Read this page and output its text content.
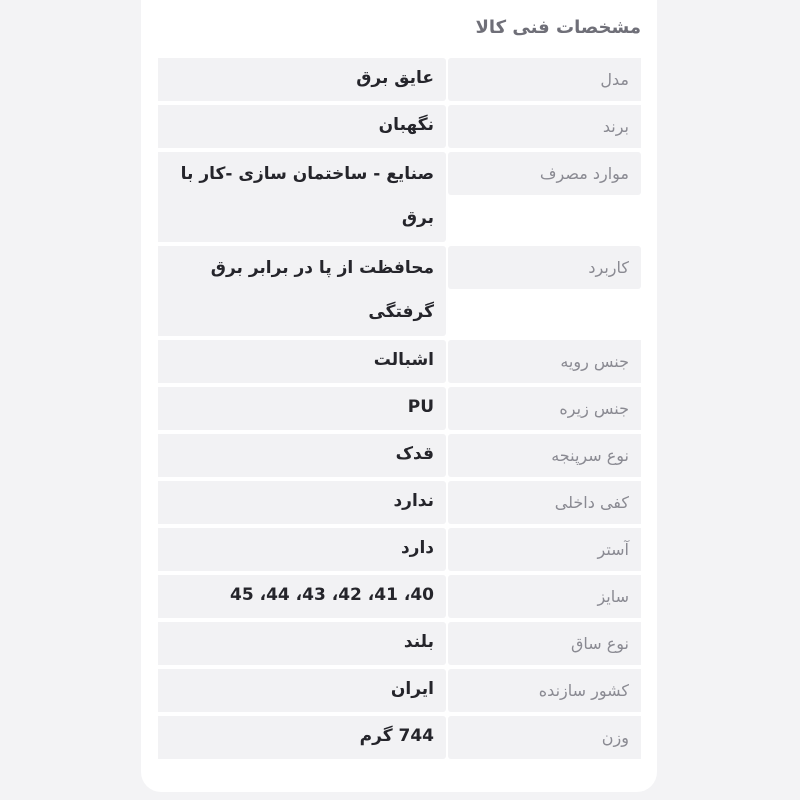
مشخصات فنی کالا
مدل
عایق برق
برند
نگهبان
موارد مصرف
صنایع - ساختمان سازی -کار با برق
کاربرد
محافظت از پا در برابر برق گرفتگی
جنس رویه
اشبالت
جنس زیره
PU
نوع سرپنجه
قدک
کفی داخلی
ندارد
آستر
دارد
سایز
40، 41، 42، 43، 44، 45
نوع ساق
بلند
کشور سازنده
ایران
وزن
744 گرم
